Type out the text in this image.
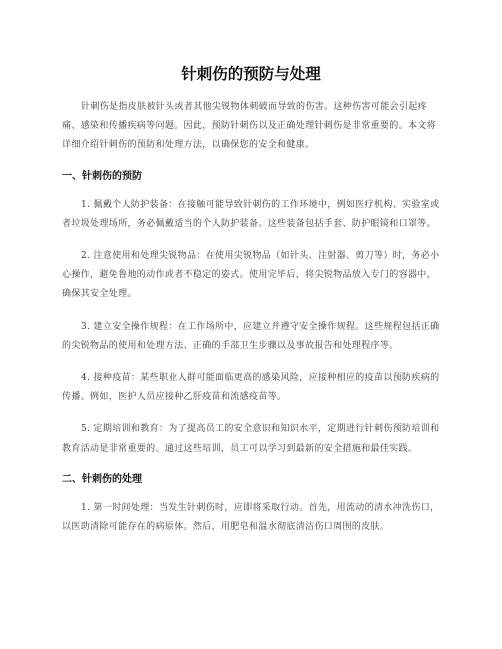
针刺伤的预防与处理

针刺伤是指皮肤被针头或者其他尖锐物体刺破而导致的伤害。这种伤害可能会引起疼痛、感染和传播疾病等问题。因此，预防针刺伤以及正确处理针刺伤是非常重要的。本文将详细介绍针刺伤的预防和处理方法，以确保您的安全和健康。

一、针刺伤的预防

1. 佩戴个人防护装备：在接触可能导致针刺伤的工作环境中，例如医疗机构、实验室或者垃圾处理场所，务必佩戴适当的个人防护装备。这些装备包括手套、防护眼镜和口罩等。

2. 注意使用和处理尖锐物品：在使用尖锐物品（如针头、注射器、剪刀等）时，务必小心操作，避免鲁地的动作或者不稳定的姿式。使用完毕后，将尖锐物品放入专门的容器中，确保其安全处理。

3. 建立安全操作规程：在工作场所中，应建立并遵守安全操作规程。这些规程包括正确的尖锐物品的使用和处理方法、正确的手部卫生步骤以及事故报告和处理程序等。

4. 接种疫苗：某些职业人群可能面临更高的感染风险，应接种相应的疫苗以预防疾病的传播。例如，医护人员应接种乙肝疫苗和流感疫苗等。

5. 定期培训和教育：为了提高员工的安全意识和知识水平，定期进行针刺伤预防培训和教育活动是非常重要的。通过这些培训，员工可以学习到最新的安全措施和最佳实践。

二、针刺伤的处理

1. 第一时间处理：当发生针刺伤时，应即将采取行动。首先，用流动的清水冲洗伤口，以医助清除可能存在的病原体。然后，用肥皂和温水彻底清洁伤口周围的皮肤。
